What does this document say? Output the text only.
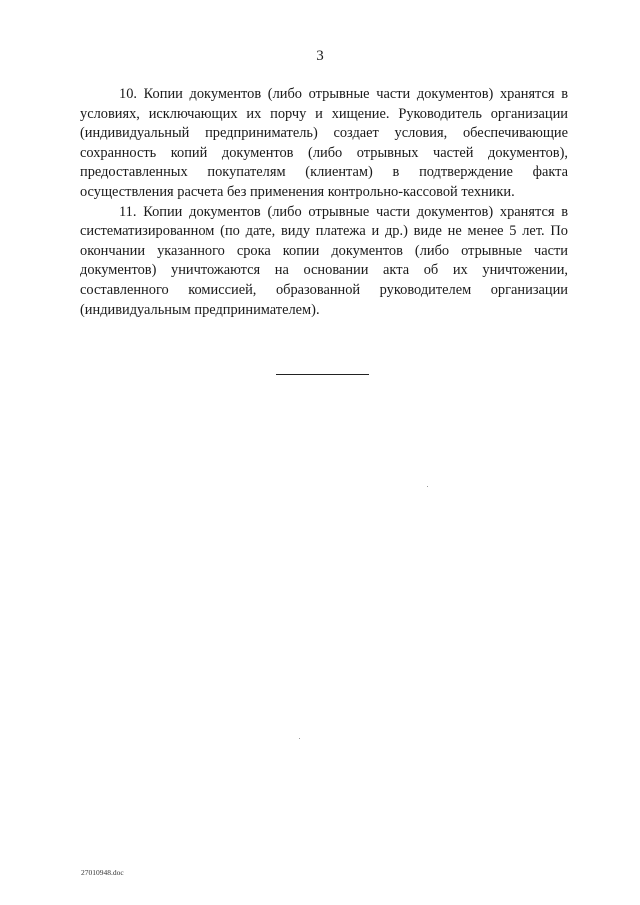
3

10. Копии документов (либо отрывные части документов) хранятся в условиях, исключающих их порчу и хищение. Руководитель организации (индивидуальный предприниматель) создает условия, обеспечивающие сохранность копий документов (либо отрывных частей документов), предоставленных покупателям (клиентам) в подтверждение факта осуществления расчета без применения контрольно-кассовой техники.

11. Копии документов (либо отрывные части документов) хранятся в систематизированном (по дате, виду платежа и др.) виде не менее 5 лет. По окончании указанного срока копии документов (либо отрывные части документов) уничтожаются на основании акта об их уничтожении, составленного комиссией, образованной руководителем организации (индивидуальным предпринимателем).

27010948.doc
